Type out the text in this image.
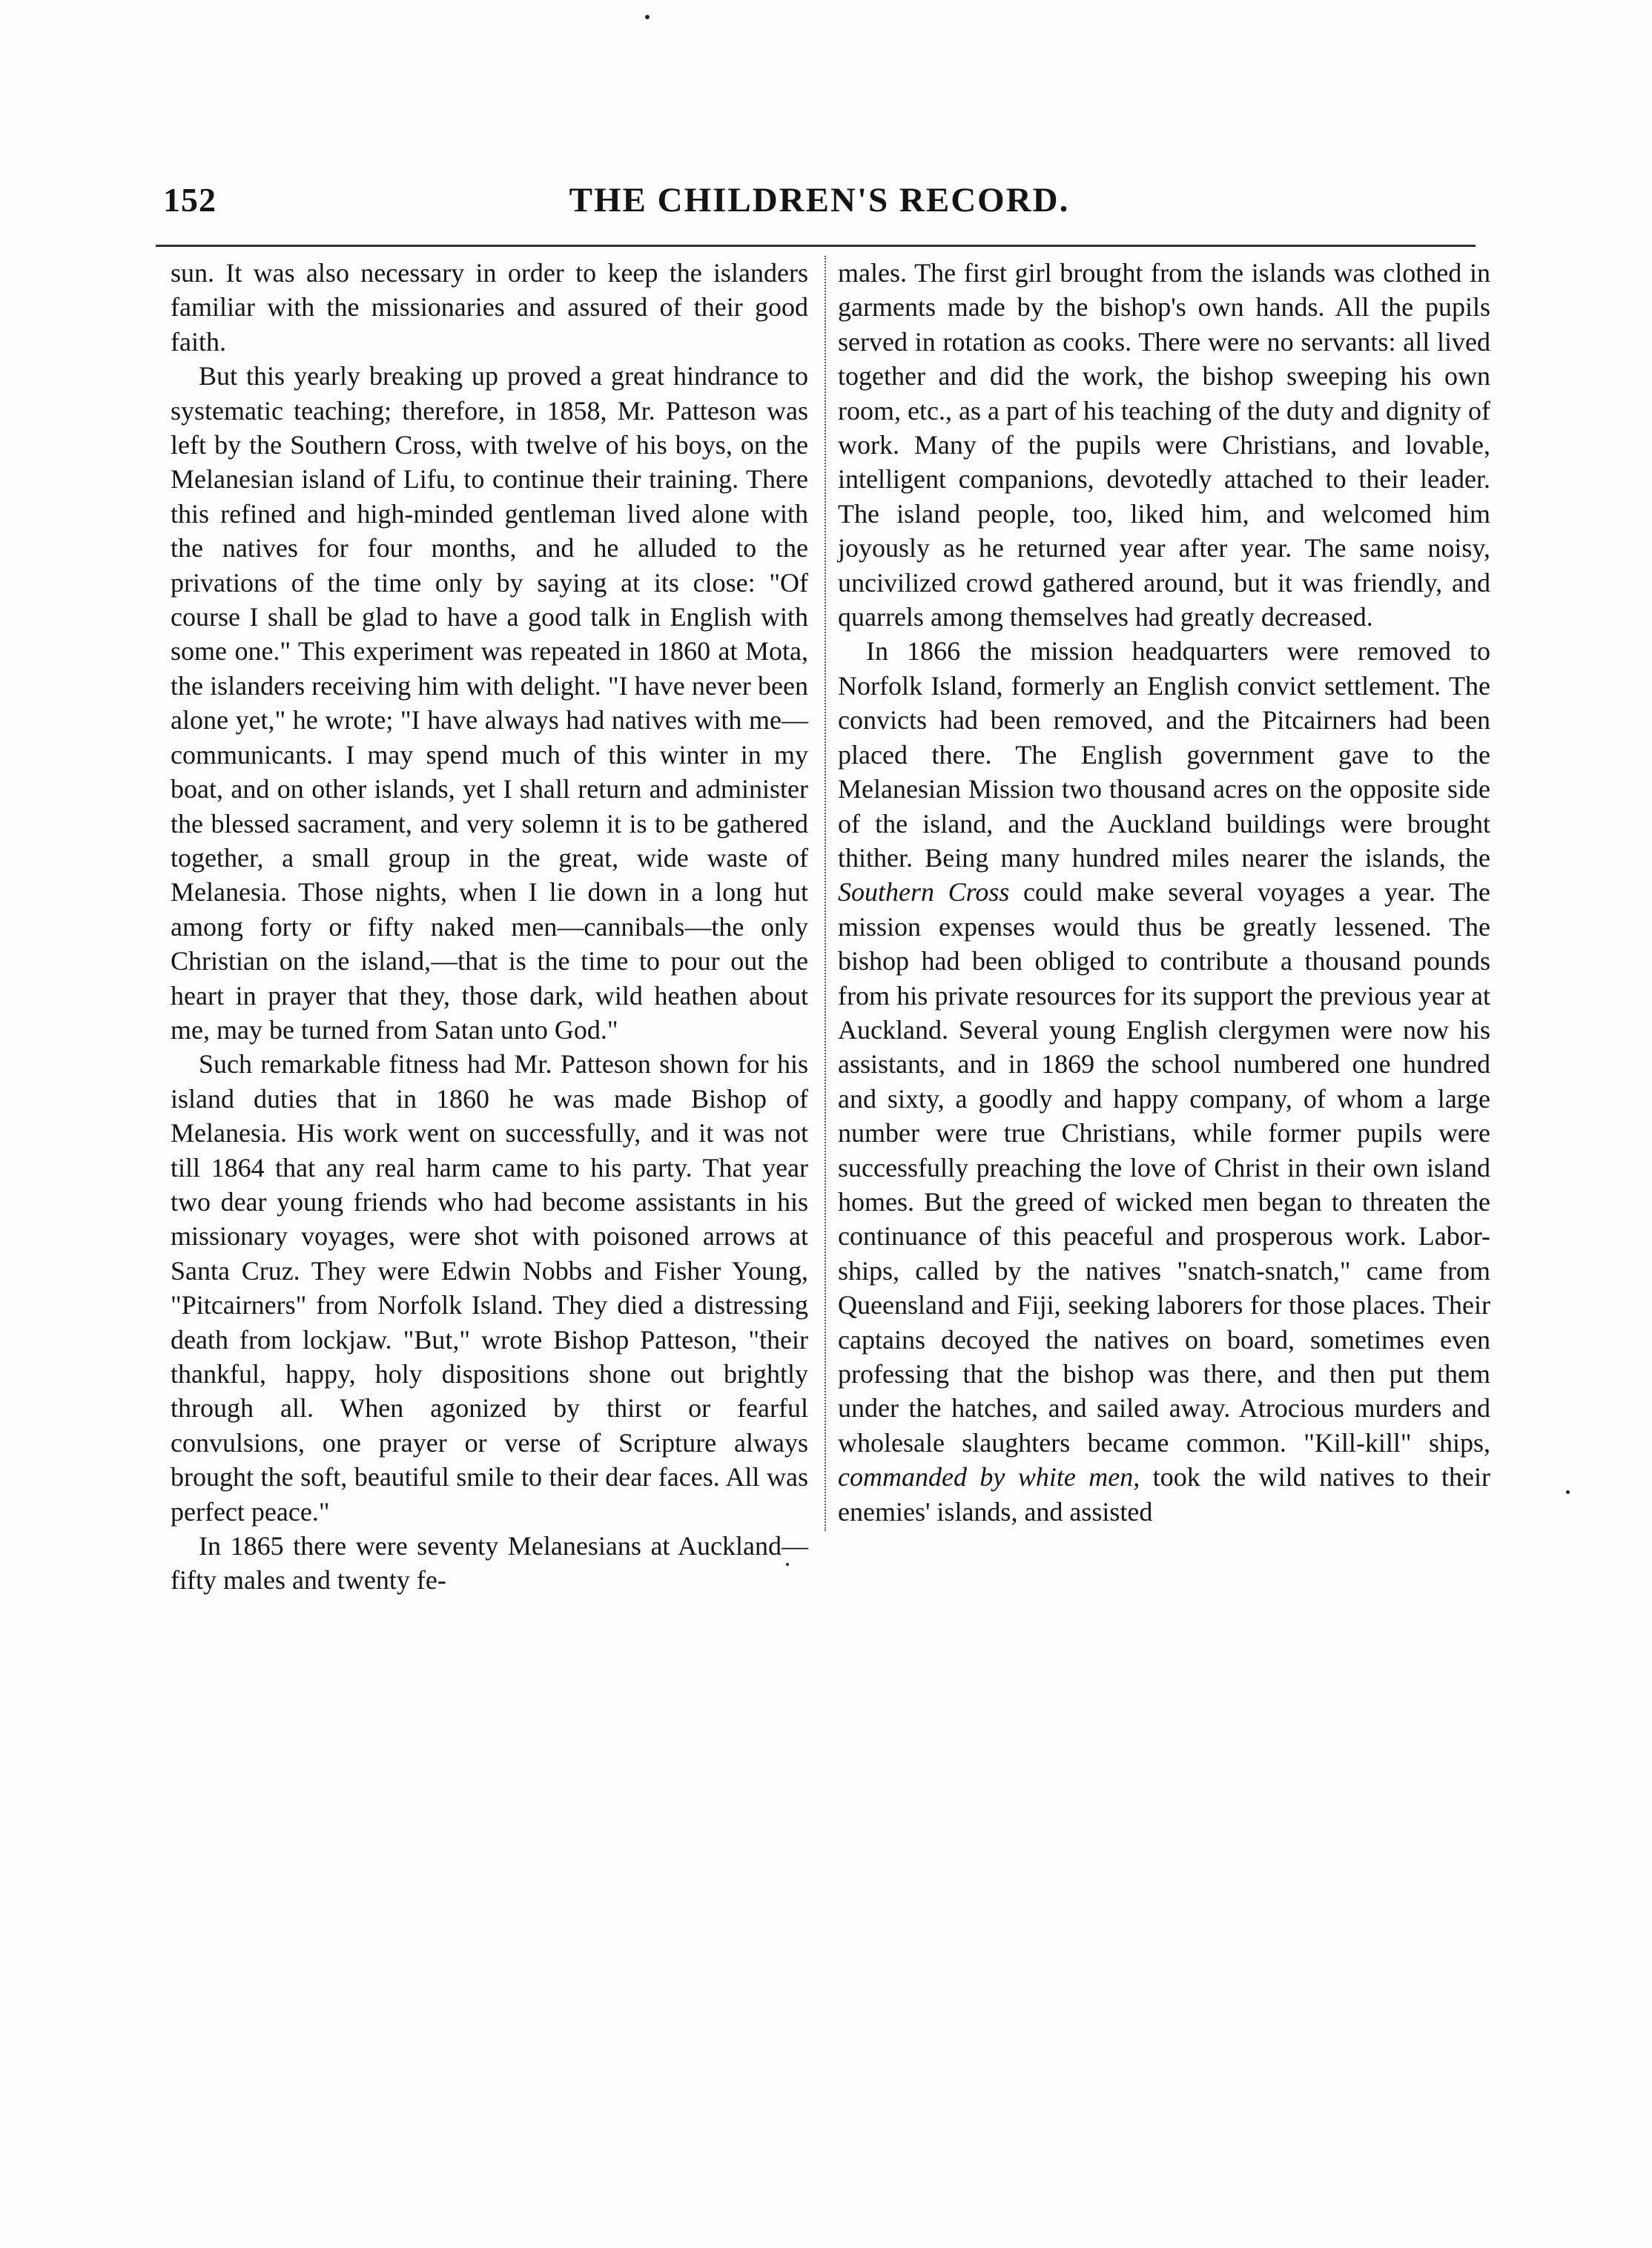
152	THE CHILDREN'S RECORD.

sun. It was also necessary in order to keep the islanders familiar with the missionaries and assured of their good faith.

But this yearly breaking up proved a great hindrance to systematic teaching; therefore, in 1858, Mr. Patteson was left by the Southern Cross, with twelve of his boys, on the Melanesian island of Lifu, to continue their training. There this refined and high-minded gentleman lived alone with the natives for four months, and he alluded to the privations of the time only by saying at its close: "Of course I shall be glad to have a good talk in English with some one." This experiment was repeated in 1860 at Mota, the islanders receiving him with delight. "I have never been alone yet," he wrote; "I have always had natives with me—communicants. I may spend much of this winter in my boat, and on other islands, yet I shall return and administer the blessed sacrament, and very solemn it is to be gathered together, a small group in the great, wide waste of Melanesia. Those nights, when I lie down in a long hut among forty or fifty naked men—cannibals—the only Christian on the island,—that is the time to pour out the heart in prayer that they, those dark, wild heathen about me, may be turned from Satan unto God."

Such remarkable fitness had Mr. Patteson shown for his island duties that in 1860 he was made Bishop of Melanesia. His work went on successfully, and it was not till 1864 that any real harm came to his party. That year two dear young friends who had become assistants in his missionary voyages, were shot with poisoned arrows at Santa Cruz. They were Edwin Nobbs and Fisher Young, "Pitcairners" from Norfolk Island. They died a distressing death from lockjaw. "But," wrote Bishop Patteson, "their thankful, happy, holy dispositions shone out brightly through all. When agonized by thirst or fearful convulsions, one prayer or verse of Scripture always brought the soft, beautiful smile to their dear faces. All was perfect peace."

In 1865 there were seventy Melanesians at Auckland—fifty males and twenty fe-

males. The first girl brought from the islands was clothed in garments made by the bishop's own hands. All the pupils served in rotation as cooks. There were no servants: all lived together and did the work, the bishop sweeping his own room, etc., as a part of his teaching of the duty and dignity of work. Many of the pupils were Christians, and lovable, intelligent companions, devotedly attached to their leader. The island people, too, liked him, and welcomed him joyously as he returned year after year. The same noisy, uncivilized crowd gathered around, but it was friendly, and quarrels among themselves had greatly decreased.

In 1866 the mission headquarters were removed to Norfolk Island, formerly an English convict settlement. The convicts had been removed, and the Pitcairners had been placed there. The English government gave to the Melanesian Mission two thousand acres on the opposite side of the island, and the Auckland buildings were brought thither. Being many hundred miles nearer the islands, the Southern Cross could make several voyages a year. The mission expenses would thus be greatly lessened. The bishop had been obliged to contribute a thousand pounds from his private resources for its support the previous year at Auckland. Several young English clergymen were now his assistants, and in 1869 the school numbered one hundred and sixty, a goodly and happy company, of whom a large number were true Christians, while former pupils were successfully preaching the love of Christ in their own island homes. But the greed of wicked men began to threaten the continuance of this peaceful and prosperous work. Labor-ships, called by the natives "snatch-snatch," came from Queensland and Fiji, seeking laborers for those places. Their captains decoyed the natives on board, sometimes even professing that the bishop was there, and then put them under the hatches, and sailed away. Atrocious murders and wholesale slaughters became common. "Kill-kill" ships, commanded by white men, took the wild natives to their enemies' islands, and assisted
